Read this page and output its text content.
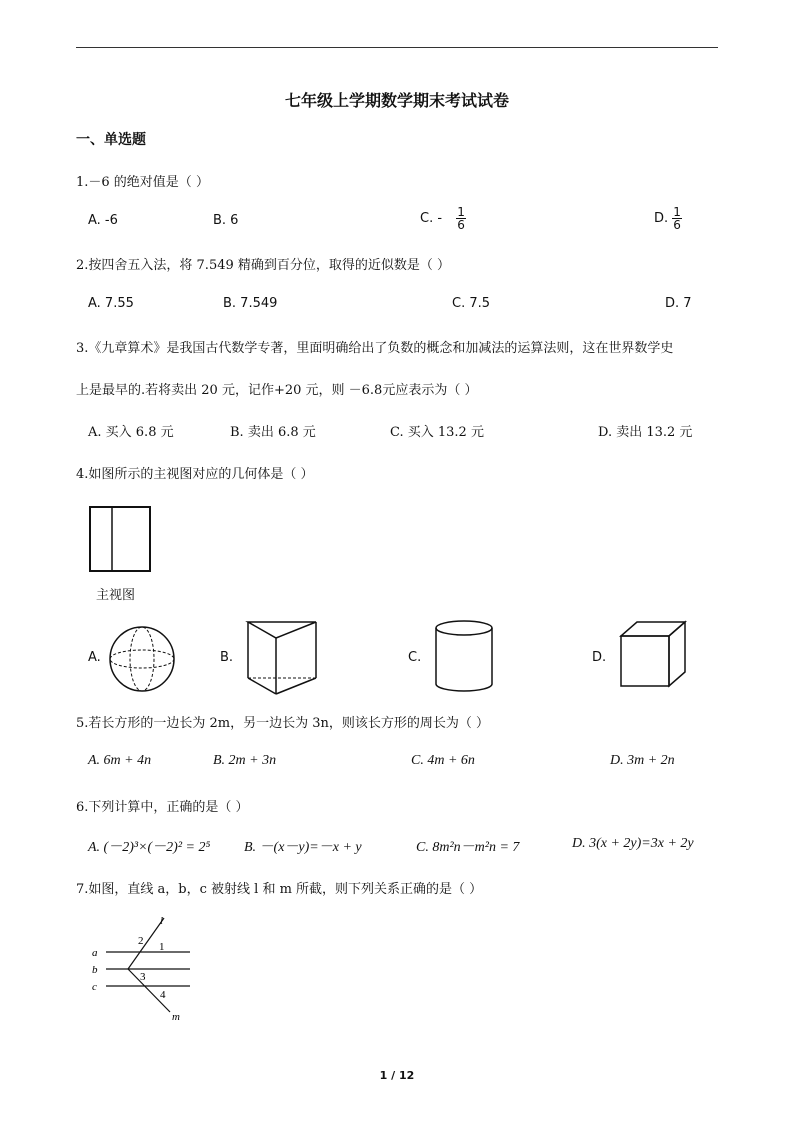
七年级上学期数学期末考试试卷
一、单选题
1.－6 的绝对值是（ ）
A. -6	B. 6	C. - $\frac{1}{6}$	D. $\frac{1}{6}$
2.按四舍五入法，将 7.549 精确到百分位，取得的近似数是（ ）
A. 7.55	B. 7.549	C. 7.5	D. 7
3.《九章算术》是我国古代数学专著，里面明确给出了负数的概念和加减法的运算法则，这在世界数学史
上是最早的.若将卖出 20 元，记作+20 元，则 －6.8元应表示为（ ）
A. 买入 6.8 元	B. 卖出 6.8 元	C. 买入 13.2 元	D. 卖出 13.2 元
4.如图所示的主视图对应的几何体是（ ）
主视图
A.	B.	C.	D.
5.若长方形的一边长为 2m，另一边长为 3n，则该长方形的周长为（ ）
A. 6m + 4n	B. 2m + 3n	C. 4m + 6n	D. 3m + 2n
6.下列计算中，正确的是（ ）
A. (－2)³×(－2)² = 2⁵ B. －(x－y)=－x + y	C. 8m²n－m²n = 7	D. 3(x + 2y)=3x + 2y
7.如图，直线 a，b，c 被射线 l 和 m 所截，则下列关系正确的是（ ）
l
m
a
b
c
2 1
3
4
1 / 12
